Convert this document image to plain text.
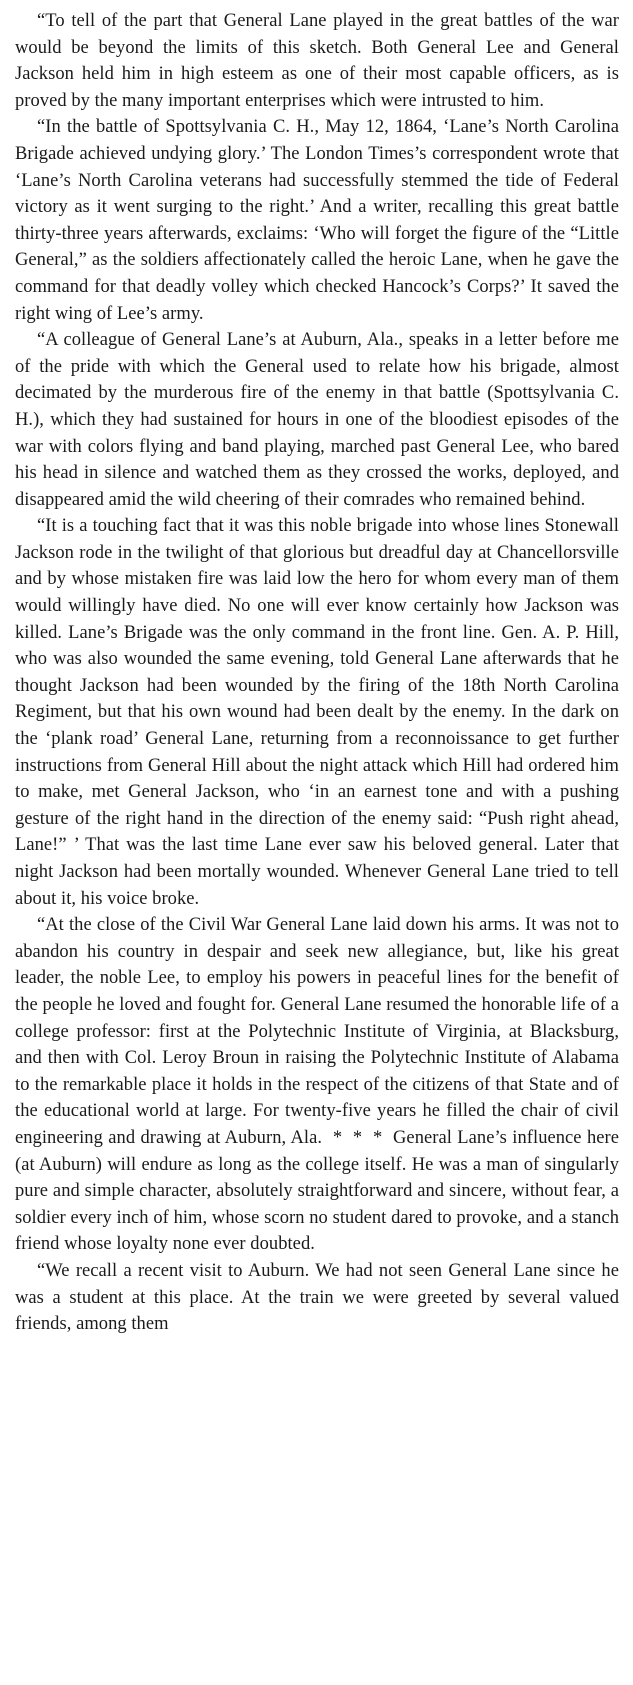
“To tell of the part that General Lane played in the great battles of the war would be beyond the limits of this sketch. Both General Lee and General Jackson held him in high esteem as one of their most capable officers, as is proved by the many important enterprises which were intrusted to him.

“In the battle of Spottsylvania C. H., May 12, 1864, ‘Lane’s North Carolina Brigade achieved undying glory.’ The London Times’s correspondent wrote that ‘Lane’s North Carolina veterans had successfully stemmed the tide of Federal victory as it went surging to the right.’ And a writer, recalling this great battle thirty-three years afterwards, exclaims: ‘Who will forget the figure of the “Little General,” as the soldiers affectionately called the heroic Lane, when he gave the command for that deadly volley which checked Hancock’s Corps?’ It saved the right wing of Lee’s army.

“A colleague of General Lane’s at Auburn, Ala., speaks in a letter before me of the pride with which the General used to relate how his brigade, almost decimated by the murderous fire of the enemy in that battle (Spottsylvania C. H.), which they had sustained for hours in one of the bloodiest episodes of the war with colors flying and band playing, marched past General Lee, who bared his head in silence and watched them as they crossed the works, deployed, and disappeared amid the wild cheering of their comrades who remained behind.

“It is a touching fact that it was this noble brigade into whose lines Stonewall Jackson rode in the twilight of that glorious but dreadful day at Chancellorsville and by whose mistaken fire was laid low the hero for whom every man of them would willingly have died. No one will ever know certainly how Jackson was killed. Lane’s Brigade was the only command in the front line. Gen. A. P. Hill, who was also wounded the same evening, told General Lane afterwards that he thought Jackson had been wounded by the firing of the 18th North Carolina Regiment, but that his own wound had been dealt by the enemy. In the dark on the ‘plank road’ General Lane, returning from a reconnoissance to get further instructions from General Hill about the night attack which Hill had ordered him to make, met General Jackson, who ‘in an earnest tone and with a pushing gesture of the right hand in the direction of the enemy said: “Push right ahead, Lane!” ’ That was the last time Lane ever saw his beloved general. Later that night Jackson had been mortally wounded. Whenever General Lane tried to tell about it, his voice broke.

“At the close of the Civil War General Lane laid down his arms. It was not to abandon his country in despair and seek new allegiance, but, like his great leader, the noble Lee, to employ his powers in peaceful lines for the benefit of the people he loved and fought for. General Lane resumed the honorable life of a college professor: first at the Polytechnic Institute of Virginia, at Blacksburg, and then with Col. Leroy Broun in raising the Polytechnic Institute of Alabama to the remarkable place it holds in the respect of the citizens of that State and of the educational world at large. For twenty-five years he filled the chair of civil engineering and drawing at Auburn, Ala.  *  *  *  General Lane’s influence here (at Auburn) will endure as long as the college itself. He was a man of singularly pure and simple character, absolutely straightforward and sincere, without fear, a soldier every inch of him, whose scorn no student dared to provoke, and a stanch friend whose loyalty none ever doubted.

“We recall a recent visit to Auburn. We had not seen General Lane since he was a student at this place. At the train we were greeted by several valued friends, among them
